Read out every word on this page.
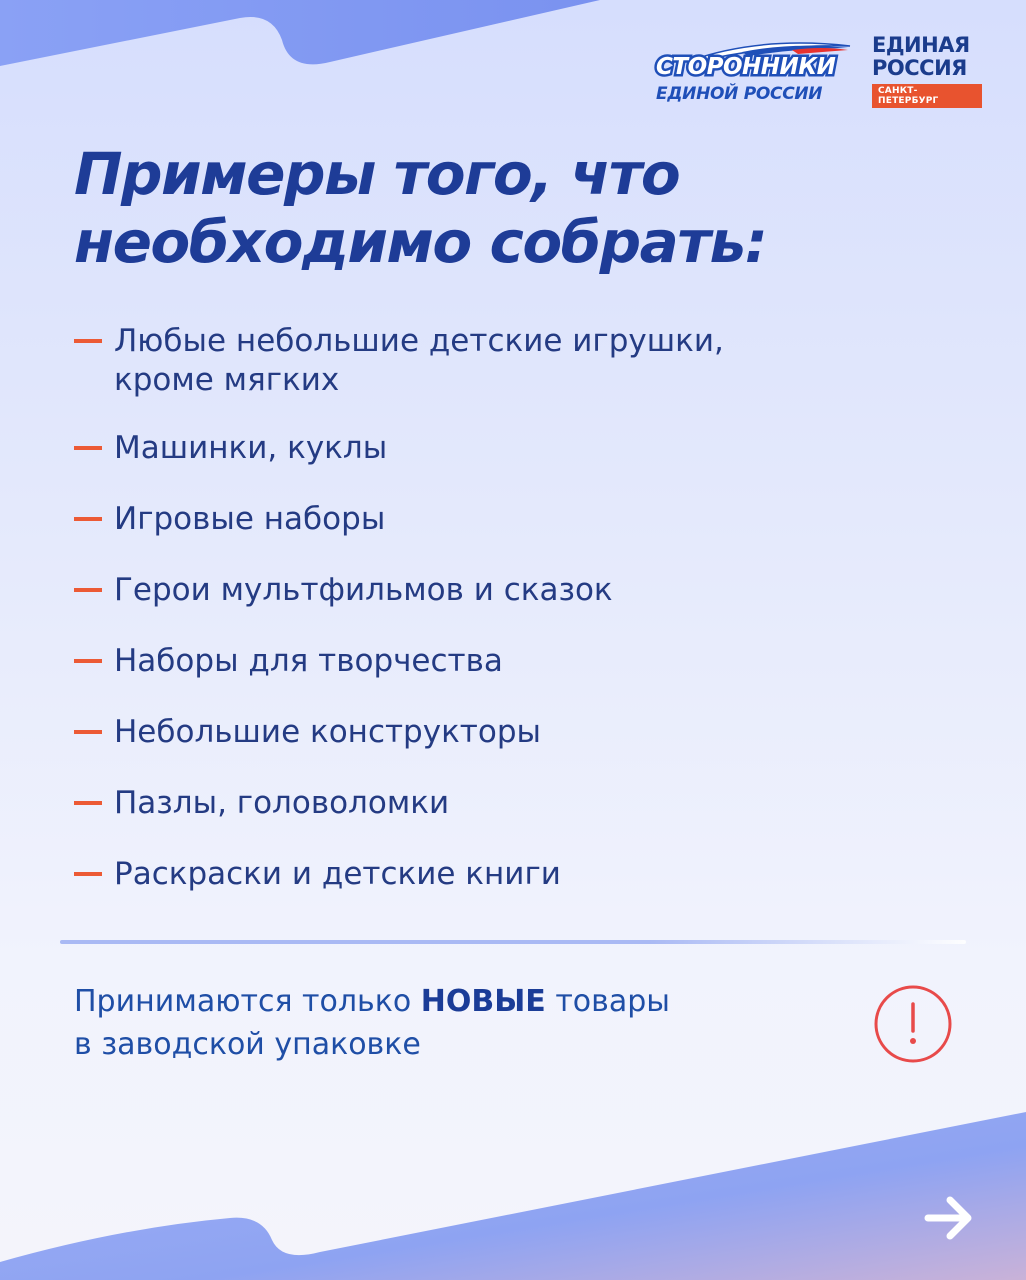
СТОРОННИКИ
ЕДИНОЙ РОССИИ
ЕДИНАЯ
РОССИЯ
САНКТ-ПЕТЕРБУРГ
Примеры того, что
необходимо собрать:
Любые небольшие детские игрушки,
кроме мягких
Машинки, куклы
Игровые наборы
Герои мультфильмов и сказок
Наборы для творчества
Небольшие конструкторы
Пазлы, головоломки
Раскраски и детские книги
Принимаются только НОВЫЕ товары
в заводской упаковке
